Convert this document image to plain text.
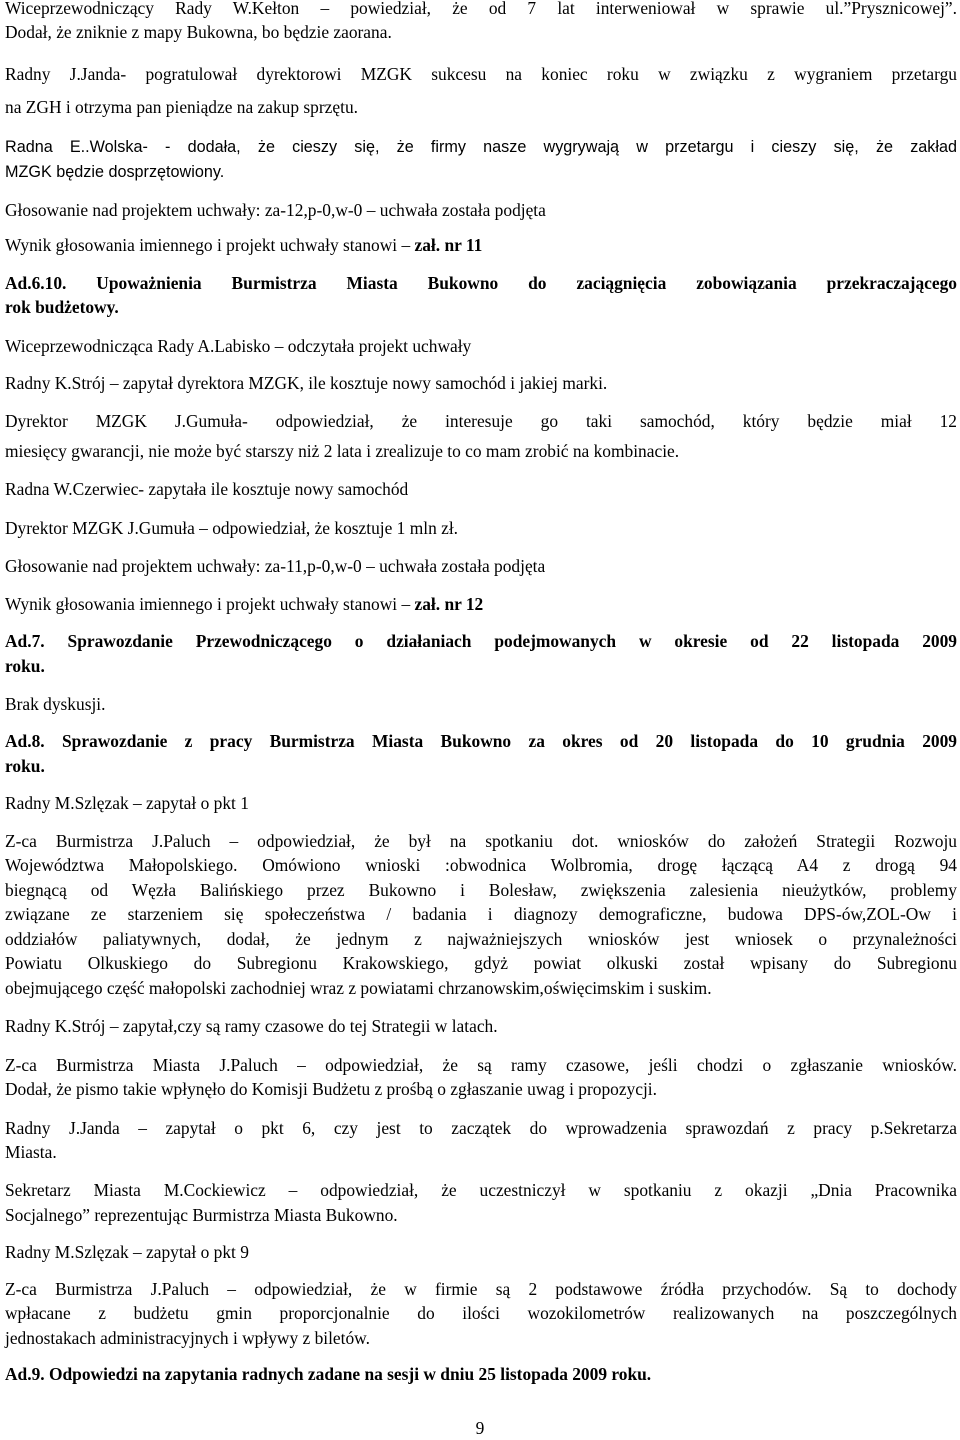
Wiceprzewodniczący Rady W.Kełton – powiedział, że od 7 lat interweniował w sprawie ul.”Prysznicowej”.
Dodał, że zniknie z mapy Bukowna, bo będzie zaorana.
Radny J.Janda- pogratulował dyrektorowi MZGK sukcesu na koniec roku w związku z wygraniem przetargu
na ZGH i otrzyma pan pieniądze na zakup sprzętu.
Radna E..Wolska- - dodała, że cieszy się, że firmy nasze wygrywają w przetargu i cieszy się, że zakład
MZGK będzie dosprzętowiony.
Głosowanie nad projektem uchwały: za-12,p-0,w-0 – uchwała została podjęta
Wynik głosowania imiennego i projekt uchwały stanowi – zał. nr 11
Ad.6.10. Upoważnienia Burmistrza Miasta Bukowno do zaciągnięcia zobowiązania przekraczającego
rok budżetowy.
Wiceprzewodnicząca Rady A.Labisko – odczytała projekt uchwały
Radny K.Strój – zapytał dyrektora MZGK, ile kosztuje nowy samochód i jakiej marki.
Dyrektor MZGK J.Gumuła- odpowiedział, że interesuje go taki samochód, który będzie miał 12
miesięcy gwarancji, nie może być starszy niż 2 lata i zrealizuje to co mam zrobić na kombinacie.
Radna W.Czerwiec- zapytała ile kosztuje nowy samochód
Dyrektor MZGK J.Gumuła – odpowiedział, że kosztuje 1 mln zł.
Głosowanie nad projektem uchwały: za-11,p-0,w-0 – uchwała została podjęta
Wynik głosowania imiennego i projekt uchwały stanowi – zał. nr 12
Ad.7. Sprawozdanie Przewodniczącego o działaniach podejmowanych w okresie od 22 listopada 2009
roku.
Brak dyskusji.
Ad.8. Sprawozdanie z pracy Burmistrza Miasta Bukowno za okres od 20 listopada do 10 grudnia 2009
roku.
Radny M.Szlęzak – zapytał o pkt 1
Z-ca Burmistrza J.Paluch – odpowiedział, że był na spotkaniu dot. wniosków do założeń Strategii Rozwoju
Województwa Małopolskiego. Omówiono wnioski :obwodnica Wolbromia, drogę łączącą A4 z drogą 94
biegnącą od Węzła Balińskiego przez Bukowno i Bolesław, zwiększenia zalesienia nieużytków, problemy
związane ze starzeniem się społeczeństwa / badania i diagnozy demograficzne, budowa DPS-ów,ZOL-Ow i
oddziałów paliatywnych, dodał, że jednym z najważniejszych wniosków jest wniosek o przynależności
Powiatu Olkuskiego do Subregionu Krakowskiego, gdyż powiat olkuski został wpisany do Subregionu
obejmującego część małopolski zachodniej wraz z powiatami chrzanowskim,oświęcimskim i suskim.
Radny K.Strój – zapytał,czy są ramy czasowe do tej Strategii w latach.
Z-ca Burmistrza Miasta J.Paluch – odpowiedział, że są ramy czasowe, jeśli chodzi o zgłaszanie wniosków.
Dodał, że pismo takie wpłynęło do Komisji Budżetu z prośbą o zgłaszanie uwag i propozycji.
Radny J.Janda – zapytał o pkt 6, czy jest to zaczątek do wprowadzenia sprawozdań z pracy p.Sekretarza
Miasta.
Sekretarz Miasta M.Cockiewicz – odpowiedział, że uczestniczył w spotkaniu z okazji „Dnia Pracownika
Socjalnego” reprezentując Burmistrza Miasta Bukowno.
Radny M.Szlęzak – zapytał o pkt 9
Z-ca Burmistrza J.Paluch – odpowiedział, że w firmie są 2 podstawowe źródła przychodów. Są to dochody
wpłacane z budżetu gmin proporcjonalnie do ilości wozokilometrów realizowanych na poszczególnych
jednostakach administracyjnych i wpływy z biletów.
Ad.9. Odpowiedzi na zapytania radnych zadane na sesji w dniu 25 listopada 2009 roku.
9
